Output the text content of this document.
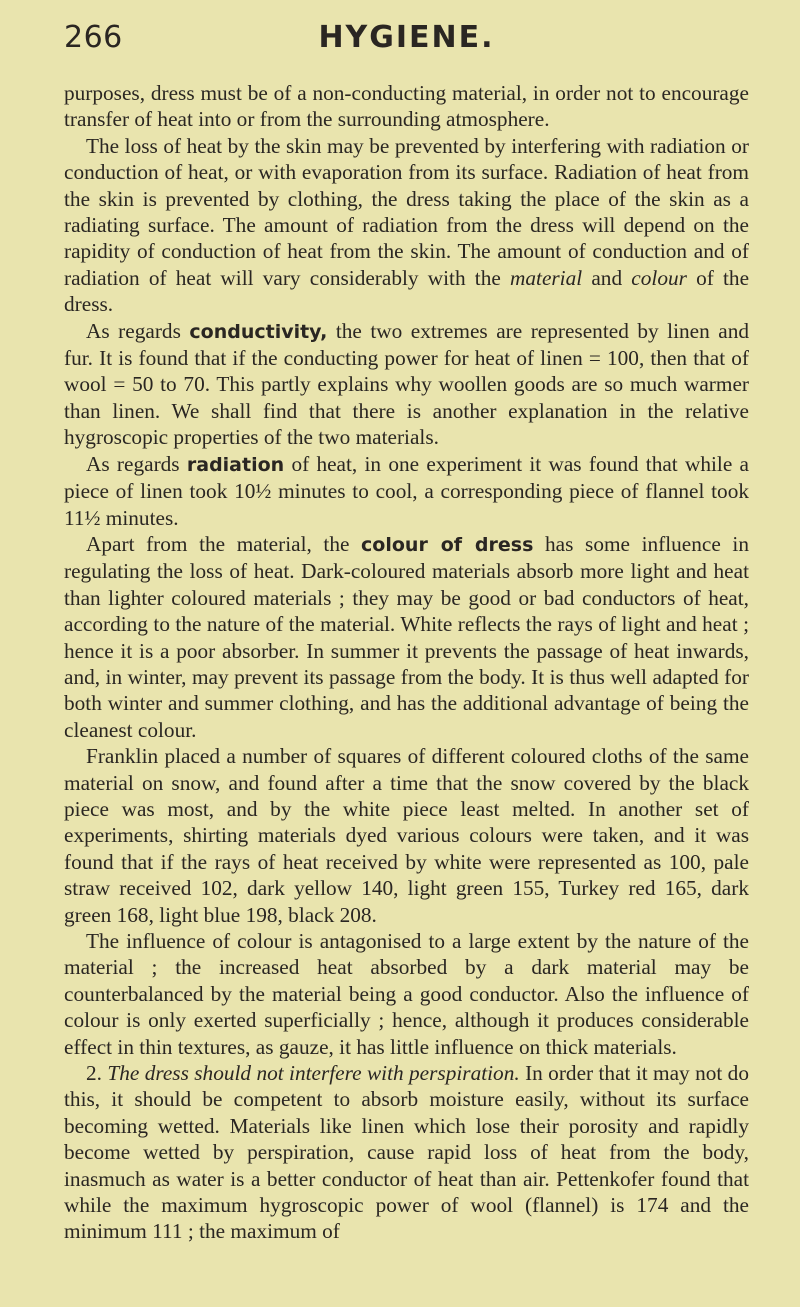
266	HYGIENE.

purposes, dress must be of a non-conducting material, in order not to encourage transfer of heat into or from the surrounding atmosphere.

The loss of heat by the skin may be prevented by interfering with radiation or conduction of heat, or with evaporation from its surface. Radiation of heat from the skin is prevented by clothing, the dress taking the place of the skin as a radiating surface. The amount of radiation from the dress will depend on the rapidity of conduction of heat from the skin. The amount of conduction and of radiation of heat will vary considerably with the material and colour of the dress.

As regards conductivity, the two extremes are represented by linen and fur. It is found that if the conducting power for heat of linen = 100, then that of wool = 50 to 70. This partly explains why woollen goods are so much warmer than linen. We shall find that there is another explanation in the relative hygroscopic properties of the two materials.

As regards radiation of heat, in one experiment it was found that while a piece of linen took 10½ minutes to cool, a corresponding piece of flannel took 11½ minutes.

Apart from the material, the colour of dress has some influence in regulating the loss of heat. Dark-coloured materials absorb more light and heat than lighter coloured materials ; they may be good or bad conductors of heat, according to the nature of the material. White reflects the rays of light and heat ; hence it is a poor absorber. In summer it prevents the passage of heat inwards, and, in winter, may prevent its passage from the body. It is thus well adapted for both winter and summer clothing, and has the additional advantage of being the cleanest colour.

Franklin placed a number of squares of different coloured cloths of the same material on snow, and found after a time that the snow covered by the black piece was most, and by the white piece least melted. In another set of experiments, shirting materials dyed various colours were taken, and it was found that if the rays of heat received by white were represented as 100, pale straw received 102, dark yellow 140, light green 155, Turkey red 165, dark green 168, light blue 198, black 208.

The influence of colour is antagonised to a large extent by the nature of the material ; the increased heat absorbed by a dark material may be counterbalanced by the material being a good conductor. Also the influence of colour is only exerted superficially ; hence, although it produces considerable effect in thin textures, as gauze, it has little influence on thick materials.

2. The dress should not interfere with perspiration. In order that it may not do this, it should be competent to absorb moisture easily, without its surface becoming wetted. Materials like linen which lose their porosity and rapidly become wetted by perspiration, cause rapid loss of heat from the body, inasmuch as water is a better conductor of heat than air. Pettenkofer found that while the maximum hygroscopic power of wool (flannel) is 174 and the minimum 111 ; the maximum of
